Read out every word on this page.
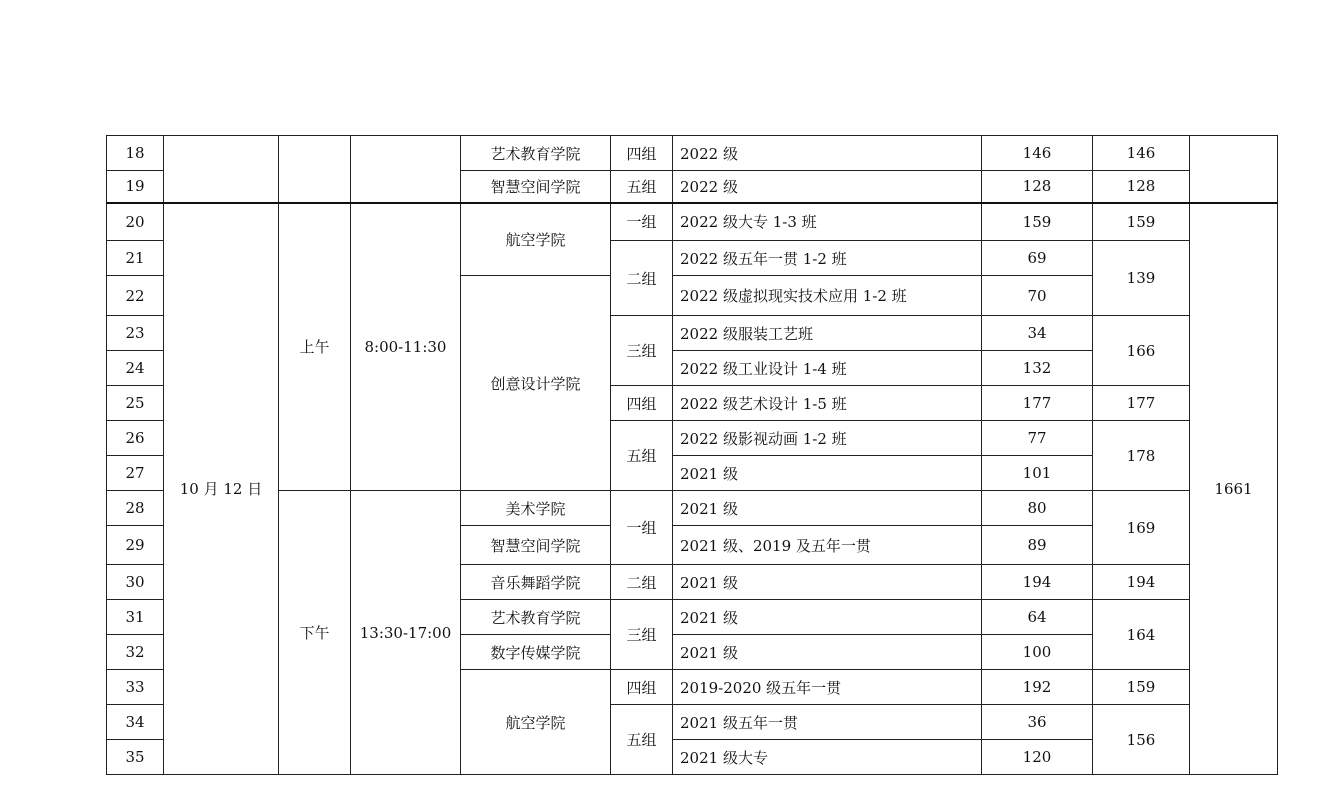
18				艺术教育学院	四组	2022 级	146	146	
19				智慧空间学院	五组	2022 级	128	128	
20	10 月 12 日	上午	8:00-11:30	航空学院	一组	2022 级大专 1-3 班	159	159	1661
21					二组	2022 级五年一贯 1-2 班	69	139	
22				创意设计学院		2022 级虚拟现实技术应用 1-2 班	70		
23					三组	2022 级服装工艺班	34	166	
24						2022 级工业设计 1-4 班	132		
25					四组	2022 级艺术设计 1-5 班	177	177	
26					五组	2022 级影视动画 1-2 班	77	178	
27						2021 级	101		
28		下午	13:30-17:00	美术学院	一组	2021 级	80	169	
29				智慧空间学院		2021 级、2019 及五年一贯	89		
30				音乐舞蹈学院	二组	2021 级	194	194	
31				艺术教育学院	三组	2021 级	64	164	
32				数字传媒学院		2021 级	100		
33				航空学院	四组	2019-2020 级五年一贯	192	159	
34					五组	2021 级五年一贯	36	156	
35						2021 级大专	120		
